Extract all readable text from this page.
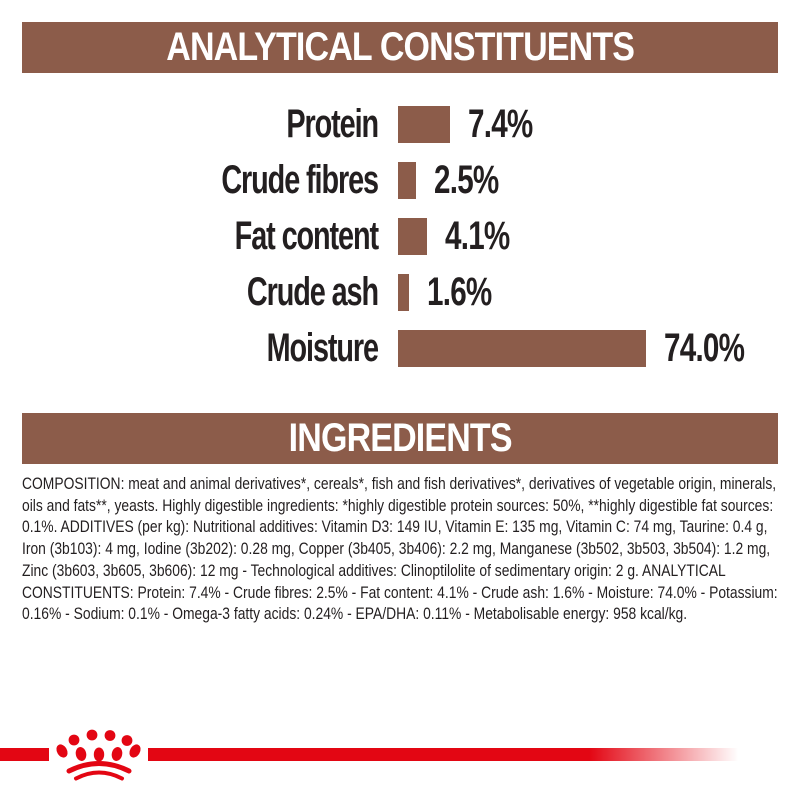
ANALYTICAL CONSTITUENTS
Protein 7.4%
Crude fibres 2.5%
Fat content 4.1%
Crude ash 1.6%
Moisture	74.0%
INGREDIENTS

COMPOSITION: meat and animal derivatives*, cereals*, fish and fish derivatives*, derivatives of vegetable origin, minerals, oils and fats**, yeasts. Highly digestible ingredients: *highly digestible protein sources: 50%, **highly digestible fat sources: 0.1%. ADDITIVES (per kg): Nutritional additives: Vitamin D3: 149 IU, Vitamin E: 135 mg, Vitamin C: 74 mg, Taurine: 0.4 g, Iron (3b103): 4 mg, Iodine (3b202): 0.28 mg, Copper (3b405, 3b406): 2.2 mg, Manganese (3b502, 3b503, 3b504): 1.2 mg, Zinc (3b603, 3b605, 3b606): 12 mg - Technological additives: Clinoptilolite of sedimentary origin: 2 g. ANALYTICAL CONSTITUENTS: Protein: 7.4% - Crude fibres: 2.5% - Fat content: 4.1% - Crude ash: 1.6% - Moisture: 74.0% - Potassium: 0.16% - Sodium: 0.1% - Omega-3 fatty acids: 0.24% - EPA/DHA: 0.11% - Metabolisable energy: 958 kcal/kg.
